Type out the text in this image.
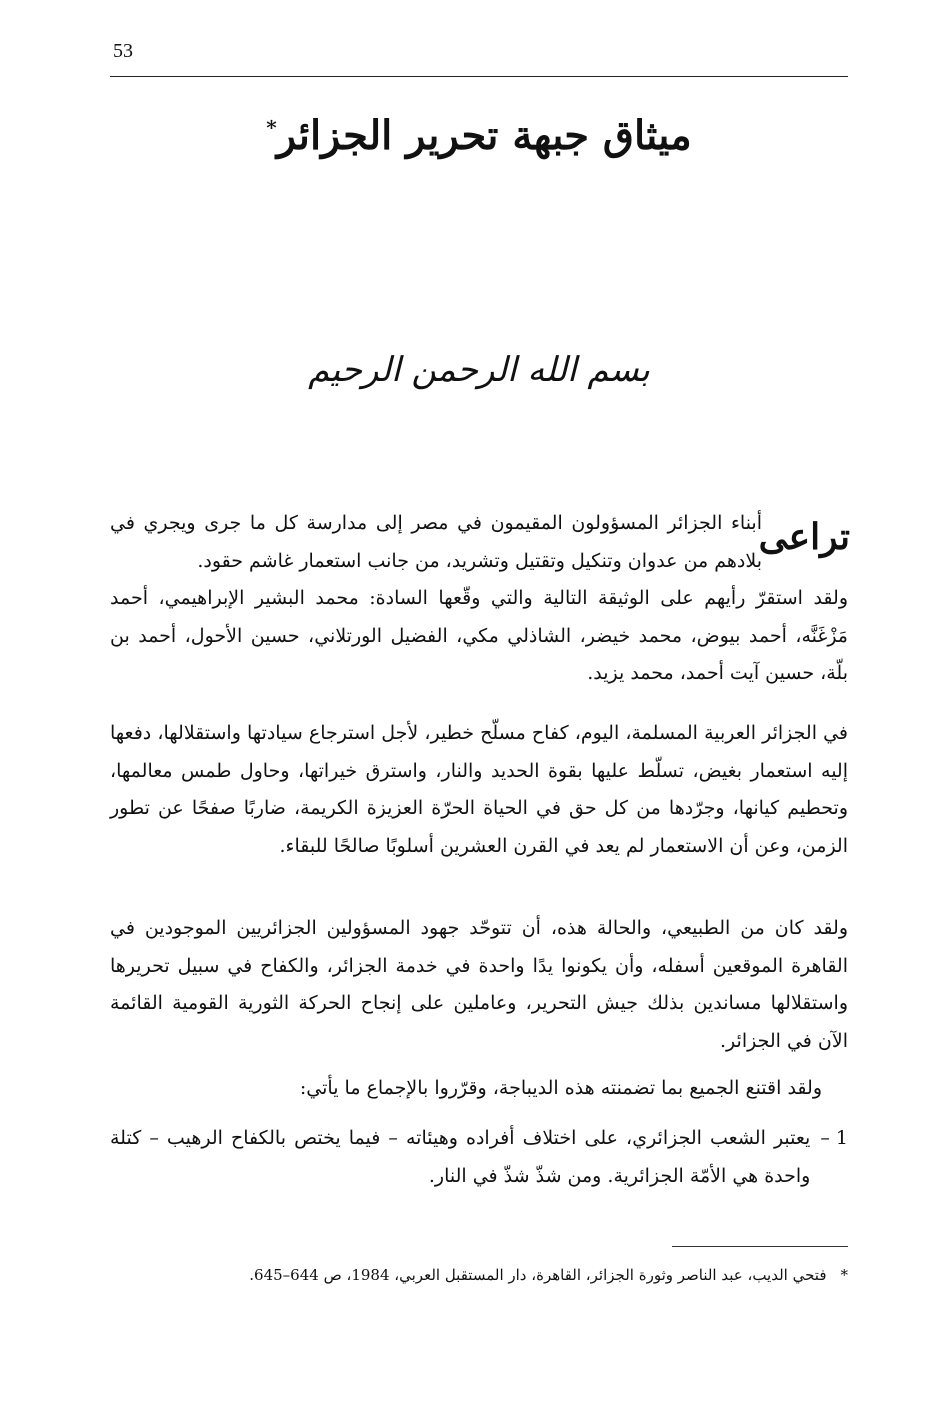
53
ميثاق جبهة تحرير الجزائر*
بسم الله الرحمن الرحيم
تراعى

أبناء الجزائر المسؤولون المقيمون في مصر إلى مدارسة كل ما جرى ويجري في بلادهم من عدوان وتنكيل وتقتيل وتشريد، من جانب استعمار غاشم حقود.

ولقد استقرّ رأيهم على الوثيقة التالية والتي وقّعها السادة: محمد البشير الإبراهيمي، أحمد مَزْغَنَّه، أحمد بيوض، محمد خيضر، الشاذلي مكي، الفضيل الورتلاني، حسين الأحول، أحمد بن بلّة، حسين آيت أحمد، محمد يزيد.

في الجزائر العربية المسلمة، اليوم، كفاح مسلّح خطير، لأجل استرجاع سيادتها واستقلالها، دفعها إليه استعمار بغيض، تسلّط عليها بقوة الحديد والنار، واسترق خيراتها، وحاول طمس معالمها، وتحطيم كيانها، وجرّدها من كل حق في الحياة الحرّة العزيزة الكريمة، ضاربًا صفحًا عن تطور الزمن، وعن أن الاستعمار لم يعد في القرن العشرين أسلوبًا صالحًا للبقاء.

ولقد كان من الطبيعي، والحالة هذه، أن تتوحّد جهود المسؤولين الجزائريين الموجودين في القاهرة الموقعين أسفله، وأن يكونوا يدًا واحدة في خدمة الجزائر، والكفاح في سبيل تحريرها واستقلالها مساندين بذلك جيش التحرير، وعاملين على إنجاح الحركة الثورية القومية القائمة الآن في الجزائر.

ولقد اقتنع الجميع بما تضمنته هذه الديباجة، وقرّروا بالإجماع ما يأتي:

1 –
يعتبر الشعب الجزائري، على اختلاف أفراده وهيئاته – فيما يختص بالكفاح الرهيب – كتلة واحدة هي الأمّة الجزائرية. ومن شذّ شذّ في النار.
*
فتحي الديب، عبد الناصر وثورة الجزائر، القاهرة، دار المستقبل العربي، 1984، ص 644–645.
